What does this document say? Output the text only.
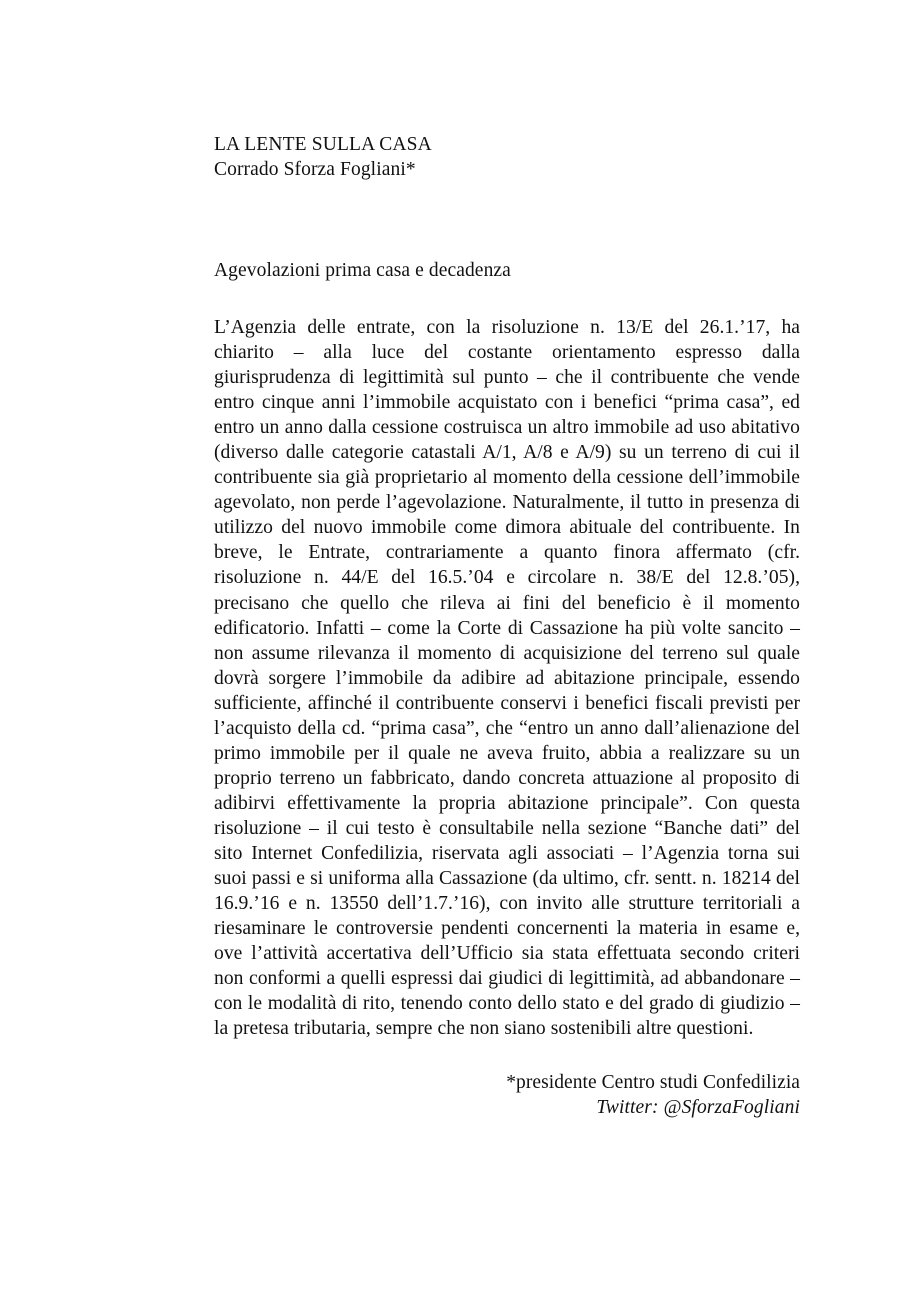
LA LENTE SULLA CASA
Corrado Sforza Fogliani*
Agevolazioni prima casa e decadenza
L’Agenzia delle entrate, con la risoluzione n. 13/E del 26.1.’17, ha chiarito – alla luce del costante orientamento espresso dalla giurisprudenza di legittimità sul punto – che il contribuente che vende entro cinque anni l’immobile acquistato con i benefici “prima casa”, ed entro un anno dalla cessione costruisca un altro immobile ad uso abitativo (diverso dalle categorie catastali A/1, A/8 e A/9) su un terreno di cui il contribuente sia già proprietario al momento della cessione dell’immobile agevolato, non perde l’agevolazione. Naturalmente, il tutto in presenza di utilizzo del nuovo immobile come dimora abituale del contribuente. In breve, le Entrate, contrariamente a quanto finora affermato (cfr. risoluzione n. 44/E del 16.5.’04 e circolare n. 38/E del 12.8.’05), precisano che quello che rileva ai fini del beneficio è il momento edificatorio. Infatti – come la Corte di Cassazione ha più volte sancito – non assume rilevanza il momento di acquisizione del terreno sul quale dovrà sorgere l’immobile da adibire ad abitazione principale, essendo sufficiente, affinché il contribuente conservi i benefici fiscali previsti per l’acquisto della cd. “prima casa”, che “entro un anno dall’alienazione del primo immobile per il quale ne aveva fruito, abbia a realizzare su un proprio terreno un fabbricato, dando concreta attuazione al proposito di adibirvi effettivamente la propria abitazione principale”. Con questa risoluzione – il cui testo è consultabile nella sezione “Banche dati” del sito Internet Confedilizia, riservata agli associati – l’Agenzia torna sui suoi passi e si uniforma alla Cassazione (da ultimo, cfr. sentt. n. 18214 del 16.9.’16 e n. 13550 dell’1.7.’16), con invito alle strutture territoriali a riesaminare le controversie pendenti concernenti la materia in esame e, ove l’attività accertativa dell’Ufficio sia stata effettuata secondo criteri non conformi a quelli espressi dai giudici di legittimità, ad abbandonare – con le modalità di rito, tenendo conto dello stato e del grado di giudizio – la pretesa tributaria, sempre che non siano sostenibili altre questioni.
*presidente Centro studi Confedilizia
Twitter: @SforzaFogliani
